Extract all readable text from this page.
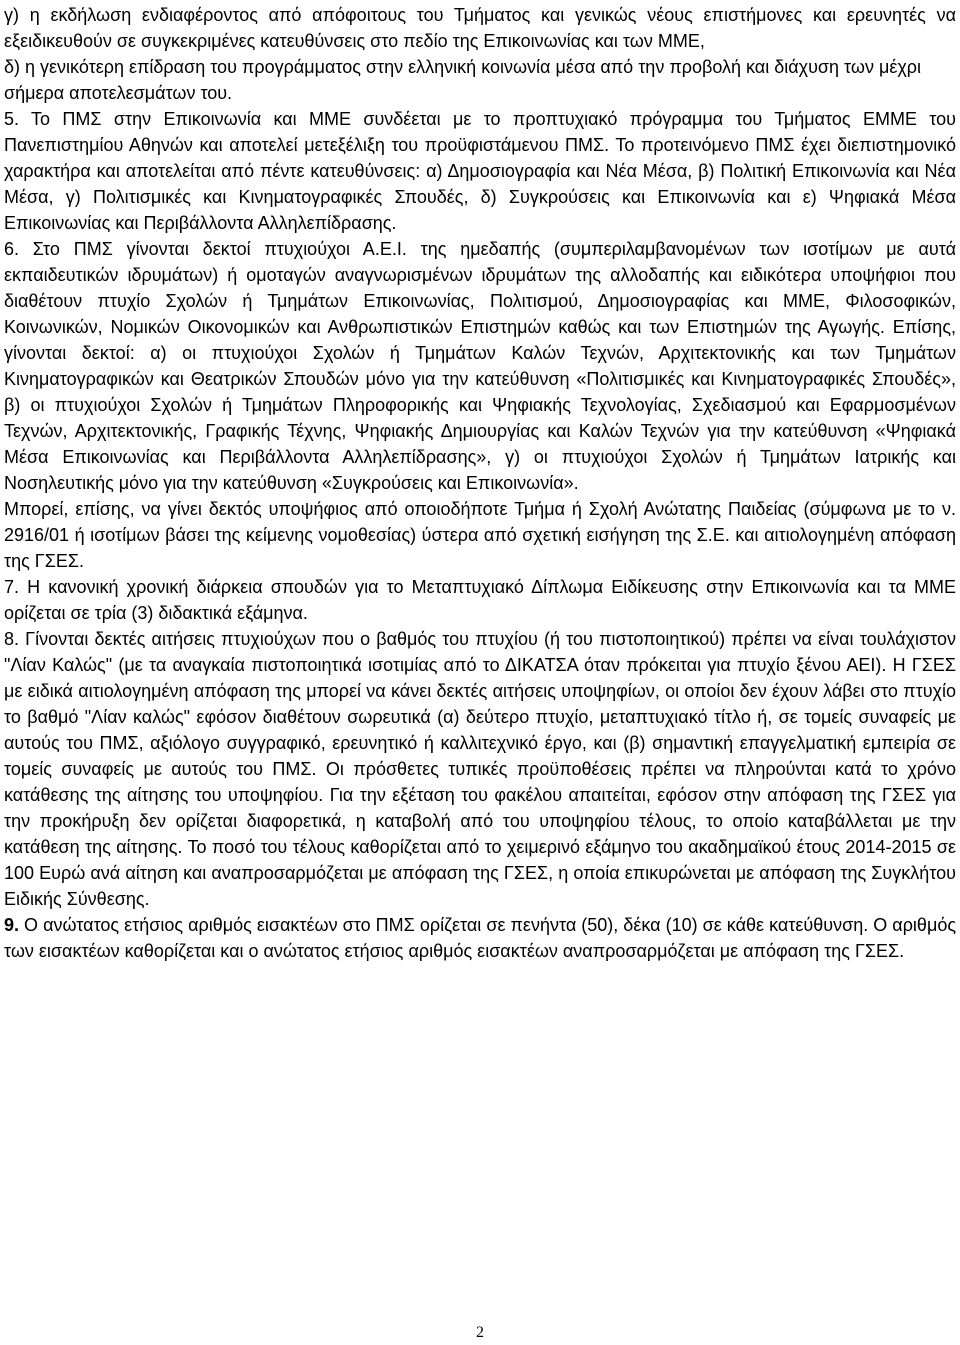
γ) η εκδήλωση ενδιαφέροντος από απόφοιτους του Τμήματος και γενικώς νέους επιστήμονες και ερευνητές να εξειδικευθούν σε συγκεκριμένες κατευθύνσεις στο πεδίο της Επικοινωνίας και των ΜΜΕ,

δ) η γενικότερη επίδραση του προγράμματος στην ελληνική κοινωνία μέσα από την προβολή και διάχυση των μέχρι σήμερα αποτελεσμάτων του.

5. Το ΠΜΣ στην Επικοινωνία και ΜΜΕ συνδέεται με το προπτυχιακό πρόγραμμα του Τμήματος ΕΜΜΕ του Πανεπιστημίου Αθηνών και αποτελεί μετεξέλιξη του προϋφιστάμενου ΠΜΣ. Το προτεινόμενο ΠΜΣ έχει διεπιστημονικό χαρακτήρα και αποτελείται από πέντε κατευθύνσεις: α) Δημοσιογραφία και Νέα Μέσα, β) Πολιτική Επικοινωνία και Νέα Μέσα, γ) Πολιτισμικές και Κινηματογραφικές Σπουδές, δ) Συγκρούσεις και Επικοινωνία και ε) Ψηφιακά Μέσα Επικοινωνίας και Περιβάλλοντα Αλληλεπίδρασης.

6. Στο ΠΜΣ γίνονται δεκτοί πτυχιούχοι Α.Ε.Ι. της ημεδαπής (συμπεριλαμβανομένων των ισοτίμων με αυτά εκπαιδευτικών ιδρυμάτων) ή ομοταγών αναγνωρισμένων ιδρυμάτων της αλλοδαπής και ειδικότερα υποψήφιοι που διαθέτουν πτυχίο Σχολών ή Τμημάτων Επικοινωνίας, Πολιτισμού, Δημοσιογραφίας και ΜΜΕ, Φιλοσοφικών, Κοινωνικών, Νομικών Οικονομικών και Ανθρωπιστικών Επιστημών καθώς και των Επιστημών της Αγωγής. Επίσης, γίνονται δεκτοί: α) οι πτυχιούχοι Σχολών ή Τμημάτων Καλών Τεχνών, Αρχιτεκτονικής και των Τμημάτων Κινηματογραφικών και Θεατρικών Σπουδών μόνο για την κατεύθυνση «Πολιτισμικές και Κινηματογραφικές Σπουδές», β) οι πτυχιούχοι Σχολών ή Τμημάτων Πληροφορικής και Ψηφιακής Τεχνολογίας, Σχεδιασμού και Εφαρμοσμένων Τεχνών, Αρχιτεκτονικής, Γραφικής Τέχνης, Ψηφιακής Δημιουργίας και Καλών Τεχνών για την κατεύθυνση «Ψηφιακά Μέσα Επικοινωνίας και Περιβάλλοντα Αλληλεπίδρασης», γ) οι πτυχιούχοι Σχολών ή Τμημάτων Ιατρικής και Νοσηλευτικής μόνο για την κατεύθυνση «Συγκρούσεις και Επικοινωνία».

Μπορεί, επίσης, να γίνει δεκτός υποψήφιος από οποιοδήποτε Τμήμα ή Σχολή Ανώτατης Παιδείας (σύμφωνα με το ν. 2916/01 ή ισοτίμων βάσει της κείμενης νομοθεσίας) ύστερα από σχετική εισήγηση της Σ.Ε. και αιτιολογημένη απόφαση της ΓΣΕΣ.

7. Η κανονική χρονική διάρκεια σπουδών για το Μεταπτυχιακό Δίπλωμα Ειδίκευσης στην Επικοινωνία και τα ΜΜΕ ορίζεται σε τρία (3) διδακτικά εξάμηνα.

8. Γίνονται δεκτές αιτήσεις πτυχιούχων που ο βαθμός του πτυχίου (ή του πιστοποιητικού) πρέπει να είναι τουλάχιστον "Λίαν Καλώς" (με τα αναγκαία πιστοποιητικά ισοτιμίας από το ΔΙΚΑΤΣΑ όταν πρόκειται για πτυχίο ξένου ΑΕΙ). Η ΓΣΕΣ με ειδικά αιτιολογημένη απόφαση της μπορεί να κάνει δεκτές αιτήσεις υποψηφίων, οι οποίοι δεν έχουν λάβει στο πτυχίο το βαθμό "Λίαν καλώς" εφόσον διαθέτουν σωρευτικά (α) δεύτερο πτυχίο, μεταπτυχιακό τίτλο ή, σε τομείς συναφείς με αυτούς του ΠΜΣ, αξιόλογο συγγραφικό, ερευνητικό ή καλλιτεχνικό έργο, και (β) σημαντική επαγγελματική εμπειρία σε τομείς συναφείς με αυτούς του ΠΜΣ. Οι πρόσθετες τυπικές προϋποθέσεις πρέπει να πληρούνται κατά το χρόνο κατάθεσης της αίτησης του υποψηφίου. Για την εξέταση του φακέλου απαιτείται, εφόσον στην απόφαση της ΓΣΕΣ για την προκήρυξη δεν ορίζεται διαφορετικά, η καταβολή από τoυ υποψηφίου τέλους, το οποίο καταβάλλεται με την κατάθεση της αίτησης. Το ποσό του τέλους καθορίζεται από το χειμερινό εξάμηνο του ακαδημαϊκού έτους 2014-2015 σε 100 Ευρώ ανά αίτηση και αναπροσαρμόζεται με απόφαση της ΓΣΕΣ, η οποία επικυρώνεται με απόφαση της Συγκλήτου Ειδικής Σύνθεσης.

9. Ο ανώτατος ετήσιος αριθμός εισακτέων στο ΠΜΣ ορίζεται σε πενήντα (50), δέκα (10) σε κάθε κατεύθυνση. Ο αριθμός των εισακτέων καθορίζεται και ο ανώτατος ετήσιος αριθμός εισακτέων αναπροσαρμόζεται με απόφαση της ΓΣΕΣ.

2
